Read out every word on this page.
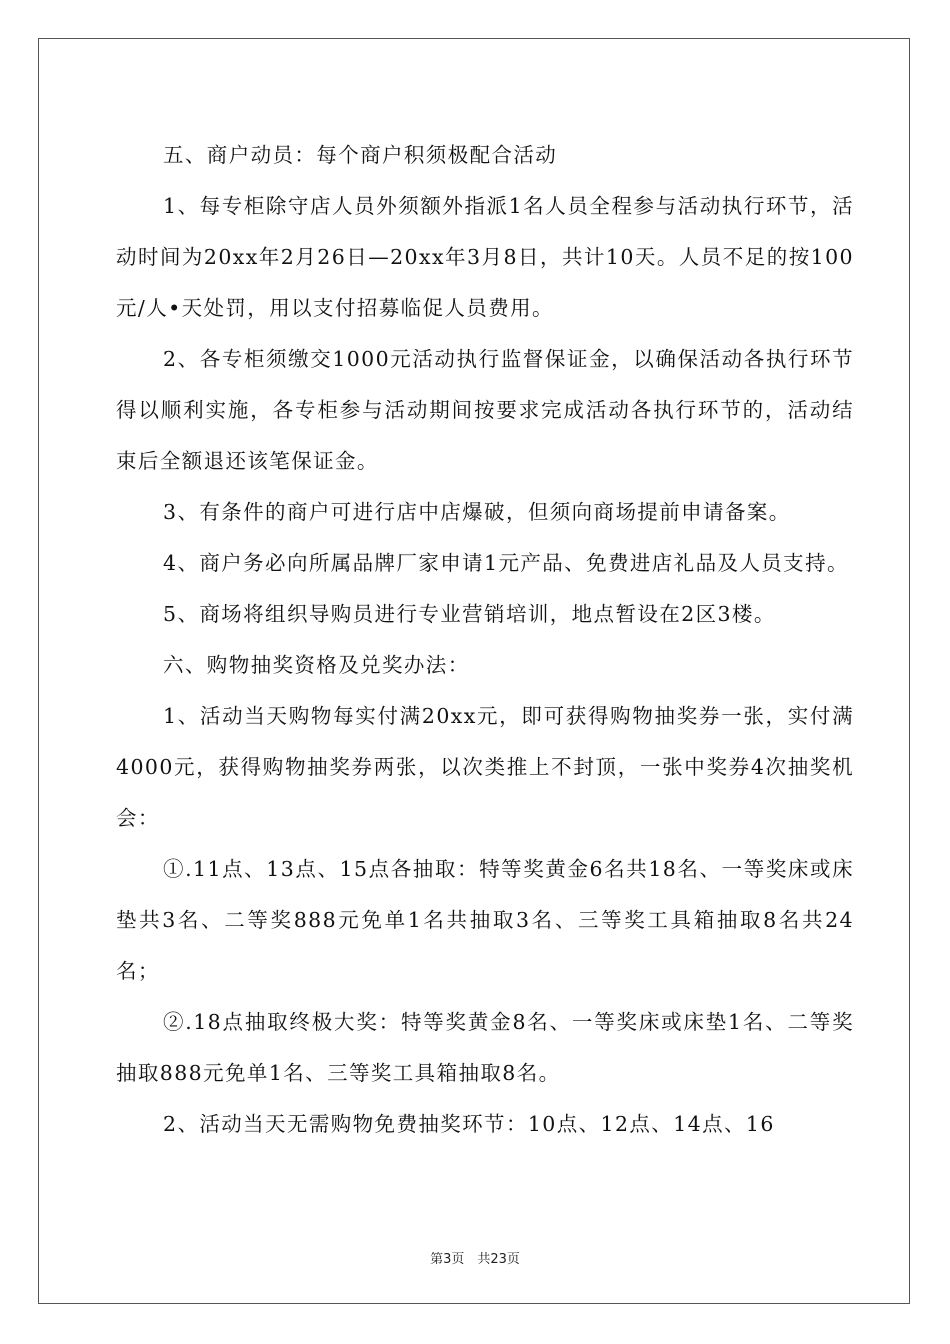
五、商户动员：每个商户积须极配合活动

1、每专柜除守店人员外须额外指派1名人员全程参与活动执行环节，活动时间为20xx年2月26日—20xx年3月8日，共计10天。人员不足的按100元/人•天处罚，用以支付招募临促人员费用。

2、各专柜须缴交1000元活动执行监督保证金，以确保活动各执行环节得以顺利实施，各专柜参与活动期间按要求完成活动各执行环节的，活动结束后全额退还该笔保证金。

3、有条件的商户可进行店中店爆破，但须向商场提前申请备案。

4、商户务必向所属品牌厂家申请1元产品、免费进店礼品及人员支持。

5、商场将组织导购员进行专业营销培训，地点暂设在2区3楼。

六、购物抽奖资格及兑奖办法：

1、活动当天购物每实付满20xx元，即可获得购物抽奖券一张，实付满4000元，获得购物抽奖券两张，以次类推上不封顶，一张中奖券4次抽奖机会：

①.11点、13点、15点各抽取：特等奖黄金6名共18名、一等奖床或床垫共3名、二等奖888元免单1名共抽取3名、三等奖工具箱抽取8名共24名；

②.18点抽取终极大奖：特等奖黄金8名、一等奖床或床垫1名、二等奖抽取888元免单1名、三等奖工具箱抽取8名。

2、活动当天无需购物免费抽奖环节：10点、12点、14点、16

第3页　共23页
